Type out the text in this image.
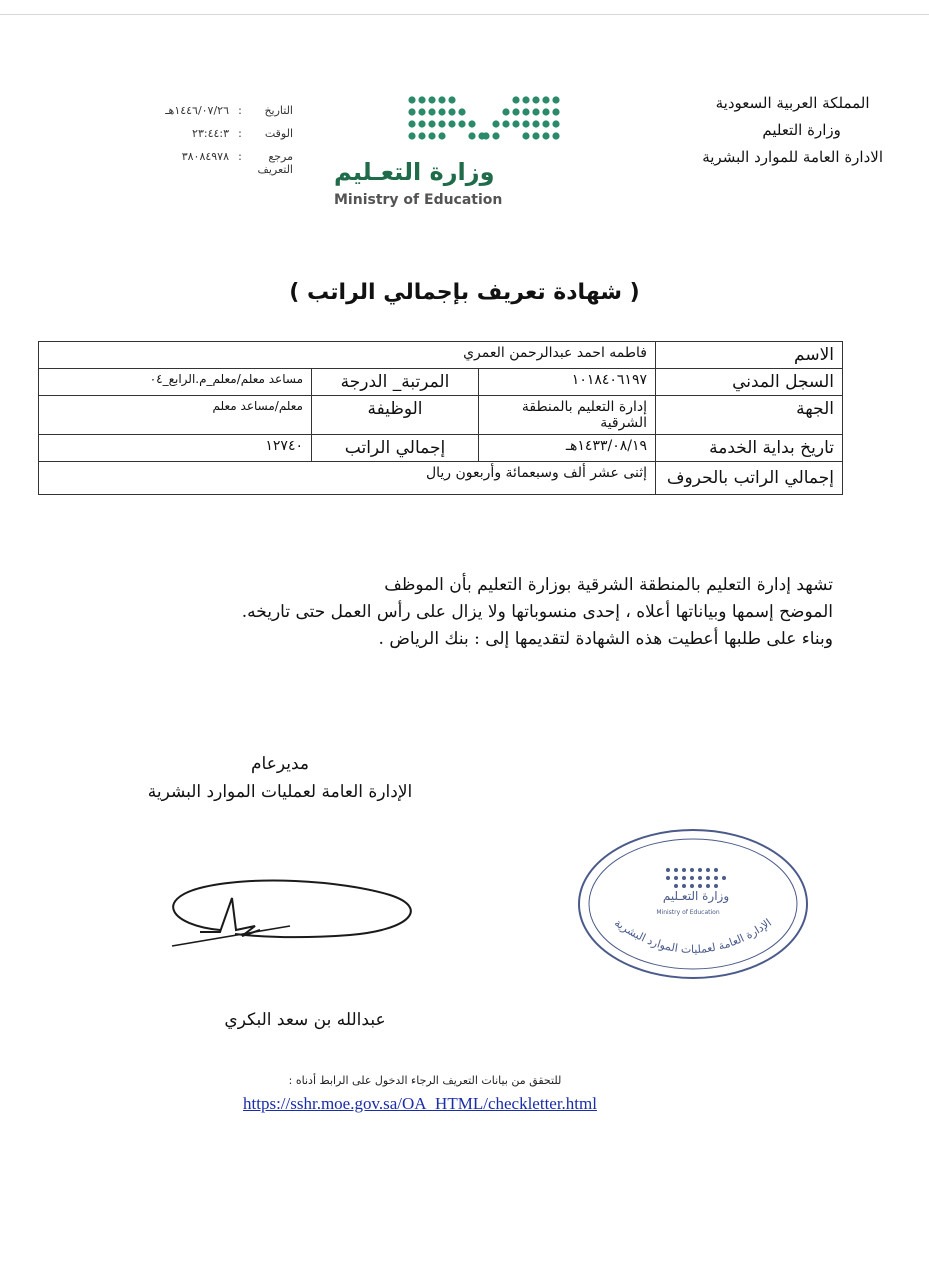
المملكة العربية السعودية
وزارة التعليم
الادارة العامة للموارد البشرية
وزارة التعـليم
Ministry of Education
التاريخ
:
١٤٤٦/٠٧/٢٦هـ
الوقت
:
٢٣:٤٤:٣
مرجع التعريف
:
٣٨٠٨٤٩٧٨
( شهادة تعريف بإجمالي الراتب )
الاسم	فاطمه احمد عبدالرحمن العمري		
السجل المدني	١٠١٨٤٠٦١٩٧	المرتبة_ الدرجة	مساعد معلم/معلم_م.الرابع_٠٤
الجهة	إدارة التعليم بالمنطقة الشرقية	الوظيفة	معلم/مساعد معلم
تاريخ بداية الخدمة	١٤٣٣/٠٨/١٩هـ	إجمالي الراتب	١٢٧٤٠
إجمالي الراتب بالحروف	إثنى عشر ألف وسبعمائة وأربعون ريال		
تشهد إدارة التعليم بالمنطقة الشرقية بوزارة التعليم بأن الموظف
الموضح إسمها وبياناتها أعلاه ، إحدى منسوباتها ولا يزال على رأس العمل حتى تاريخه.
وبناء على طلبها أعطيت هذه الشهادة لتقديمها إلى : بنك الرياض .
مديرعام
الإدارة العامة لعمليات الموارد البشرية
عبدالله بن سعد البكري
وزارة التعـليم
Ministry of Education
الإدارة العامة لعمليات الموارد البشرية
للتحقق من بيانات التعريف الرجاء الدخول على الرابط أدناه :
https://sshr.moe.gov.sa/OA_HTML/checkletter.html
